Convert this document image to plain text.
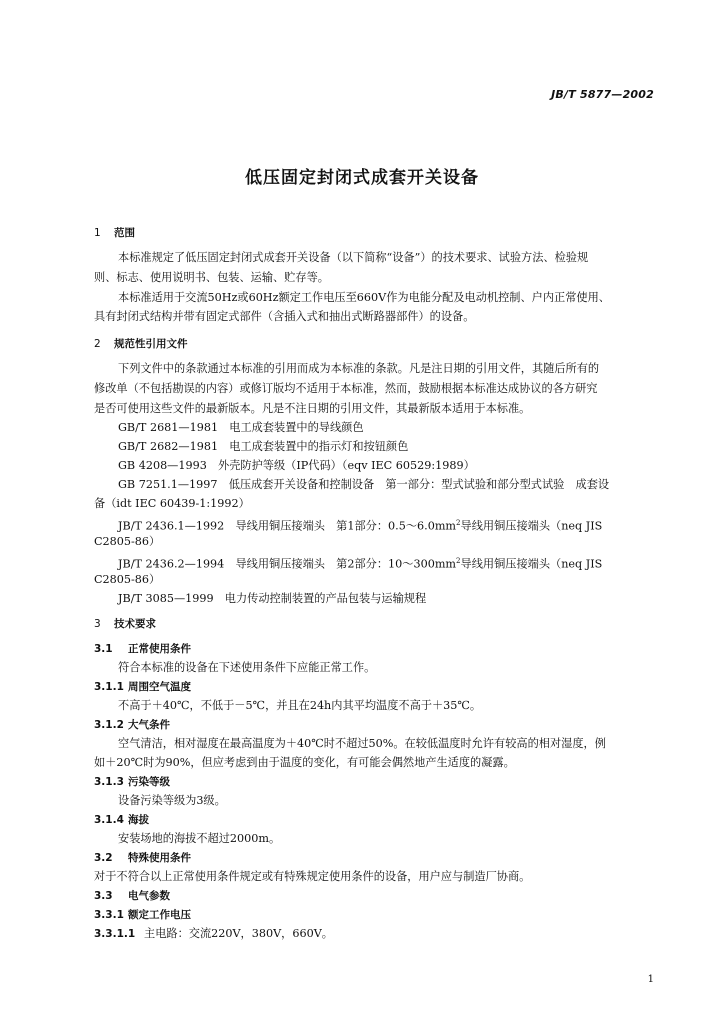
JB/T 5877—2002
低压固定封闭式成套开关设备
1 范围
本标准规定了低压固定封闭式成套开关设备（以下简称“设备”）的技术要求、试验方法、检验规
则、标志、使用说明书、包装、运输、贮存等。
本标准适用于交流50Hz或60Hz额定工作电压至660V作为电能分配及电动机控制、户内正常使用、
具有封闭式结构并带有固定式部件（含插入式和抽出式断路器部件）的设备。
2 规范性引用文件
下列文件中的条款通过本标准的引用而成为本标准的条款。凡是注日期的引用文件，其随后所有的
修改单（不包括勘误的内容）或修订版均不适用于本标准，然而，鼓励根据本标准达成协议的各方研究
是否可使用这些文件的最新版本。凡是不注日期的引用文件，其最新版本适用于本标准。
GB/T 2681—1981　电工成套装置中的导线颜色
GB/T 2682—1981　电工成套装置中的指示灯和按钮颜色
GB 4208—1993　外壳防护等级（IP代码）（eqv IEC 60529:1989）
GB 7251.1—1997　低压成套开关设备和控制设备　第一部分：型式试验和部分型式试验　成套设
备（idt IEC 60439-1:1992）
JB/T 2436.1—1992　导线用铜压接端头　第1部分：$0.5\sim 6.0mm^2$导线用铜压接端头（neq JIS
C2805-86）
JB/T 2436.2—1994　导线用铜压接端头　第2部分：$10\sim 300mm^2$导线用铜压接端头（neq JIS
C2805-86）
JB/T 3085—1999　电力传动控制装置的产品包装与运输规程
3 技术要求
3.1 正常使用条件
符合本标准的设备在下述使用条件下应能正常工作。
3.1.1 周围空气温度
不高于＋40℃，不低于－5℃，并且在24h内其平均温度不高于＋35℃。
3.1.2 大气条件
空气清洁，相对湿度在最高温度为＋40℃时不超过50%。在较低温度时允许有较高的相对湿度，例
如＋20℃时为90%，但应考虑到由于温度的变化，有可能会偶然地产生适度的凝露。
3.1.3 污染等级
设备污染等级为3级。
3.1.4 海拔
安装场地的海拔不超过2000m。
3.2 特殊使用条件
对于不符合以上正常使用条件规定或有特殊规定使用条件的设备，用户应与制造厂协商。
3.3 电气参数
3.3.1 额定工作电压
3.3.1.1 主电路：交流220V，380V，660V。
1
